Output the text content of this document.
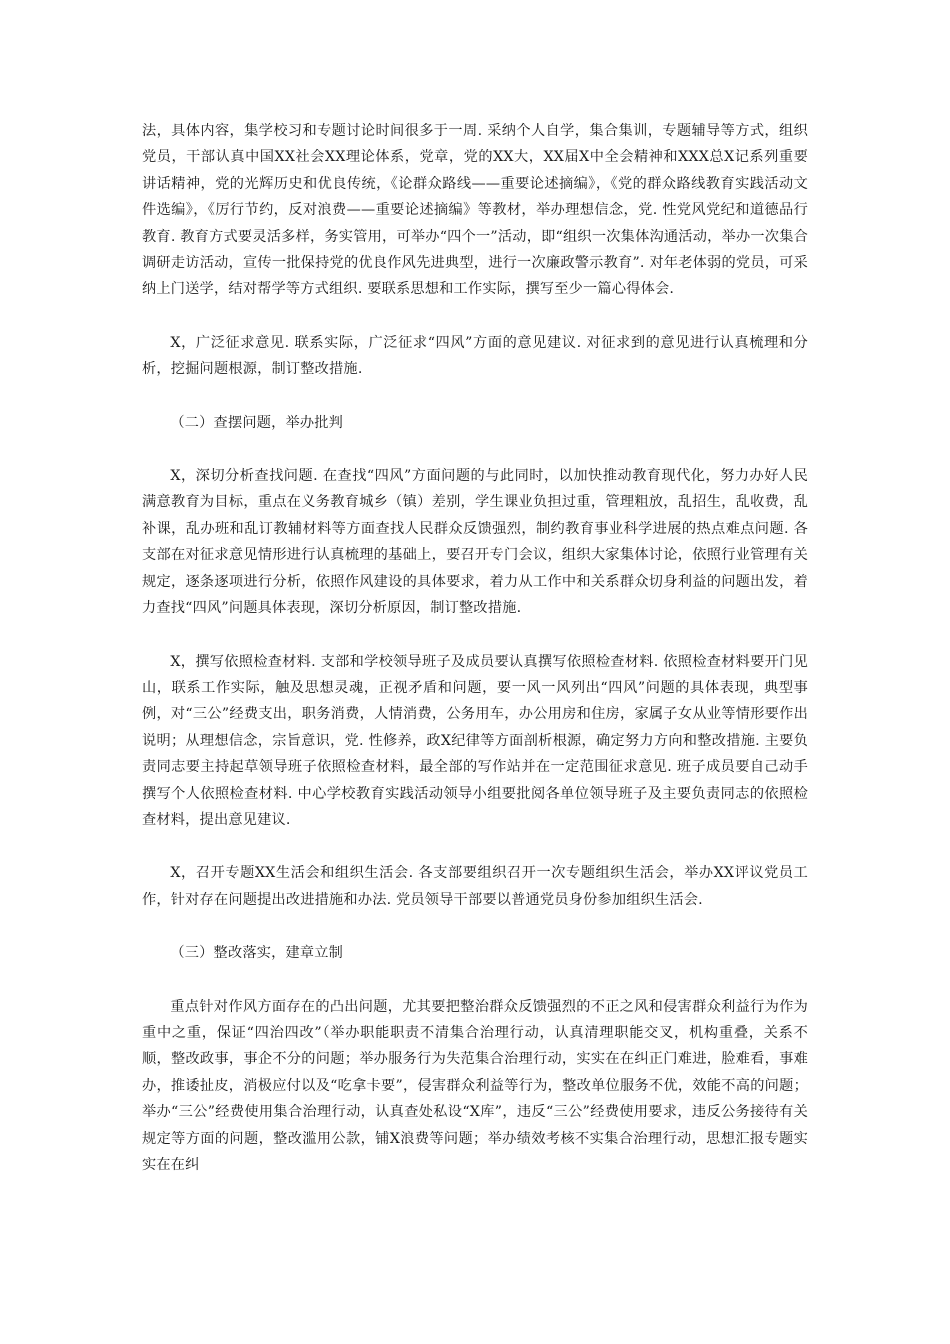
法，具体内容，集学校习和专题讨论时间很多于一周. 采纳个人自学，集合集训，专题辅导等方式，组织党员，干部认真中国XX社会XX理论体系，党章，党的XX大，XX届X中全会精神和XXX总X记系列重要讲话精神，党的光辉历史和优良传统，《论群众路线——重要论述摘编》，《党的群众路线教育实践活动文件选编》，《厉行节约，反对浪费——重要论述摘编》等教材，举办理想信念，党. 性党风党纪和道德品行教育. 教育方式要灵活多样，务实管用，可举办“四个一”活动，即“组织一次集体沟通活动，举办一次集合调研走访活动，宣传一批保持党的优良作风先进典型，进行一次廉政警示教育”. 对年老体弱的党员，可采纳上门送学，结对帮学等方式组织. 要联系思想和工作实际，撰写至少一篇心得体会.

X，广泛征求意见. 联系实际，广泛征求“四风”方面的意见建议. 对征求到的意见进行认真梳理和分析，挖掘问题根源，制订整改措施.

（二）查摆问题，举办批判

X，深切分析查找问题. 在查找“四风”方面问题的与此同时，以加快推动教育现代化，努力办好人民满意教育为目标，重点在义务教育城乡（镇）差别，学生课业负担过重，管理粗放，乱招生，乱收费，乱补课，乱办班和乱订教辅材料等方面查找人民群众反馈强烈，制约教育事业科学进展的热点难点问题. 各支部在对征求意见情形进行认真梳理的基础上，要召开专门会议，组织大家集体讨论，依照行业管理有关规定，逐条逐项进行分析，依照作风建设的具体要求，着力从工作中和关系群众切身利益的问题出发，着力查找“四风”问题具体表现，深切分析原因，制订整改措施.

X，撰写依照检查材料. 支部和学校领导班子及成员要认真撰写依照检查材料. 依照检查材料要开门见山，联系工作实际，触及思想灵魂，正视矛盾和问题，要一风一风列出“四风”问题的具体表现，典型事例，对“三公”经费支出，职务消费，人情消费，公务用车，办公用房和住房，家属子女从业等情形要作出说明；从理想信念，宗旨意识，党. 性修养，政X纪律等方面剖析根源，确定努力方向和整改措施. 主要负责同志要主持起草领导班子依照检查材料，最全部的写作站并在一定范围征求意见. 班子成员要自己动手撰写个人依照检查材料. 中心学校教育实践活动领导小组要批阅各单位领导班子及主要负责同志的依照检查材料，提出意见建议.

X，召开专题XX生活会和组织生活会. 各支部要组织召开一次专题组织生活会，举办XX评议党员工作，针对存在问题提出改进措施和办法. 党员领导干部要以普通党员身份参加组织生活会.

（三）整改落实，建章立制

重点针对作风方面存在的凸出问题，尤其要把整治群众反馈强烈的不正之风和侵害群众利益行为作为重中之重，保证“四治四改”（举办职能职责不清集合治理行动，认真清理职能交叉，机构重叠，关系不顺，整改政事，事企不分的问题；举办服务行为失范集合治理行动，实实在在纠正门难进，脸难看，事难办，推诿扯皮，消极应付以及“吃拿卡要”，侵害群众利益等行为，整改单位服务不优，效能不高的问题；举办“三公”经费使用集合治理行动，认真查处私设“X库”，违反“三公”经费使用要求，违反公务接待有关规定等方面的问题，整改滥用公款，铺X浪费等问题；举办绩效考核不实集合治理行动，思想汇报专题实实在在纠
